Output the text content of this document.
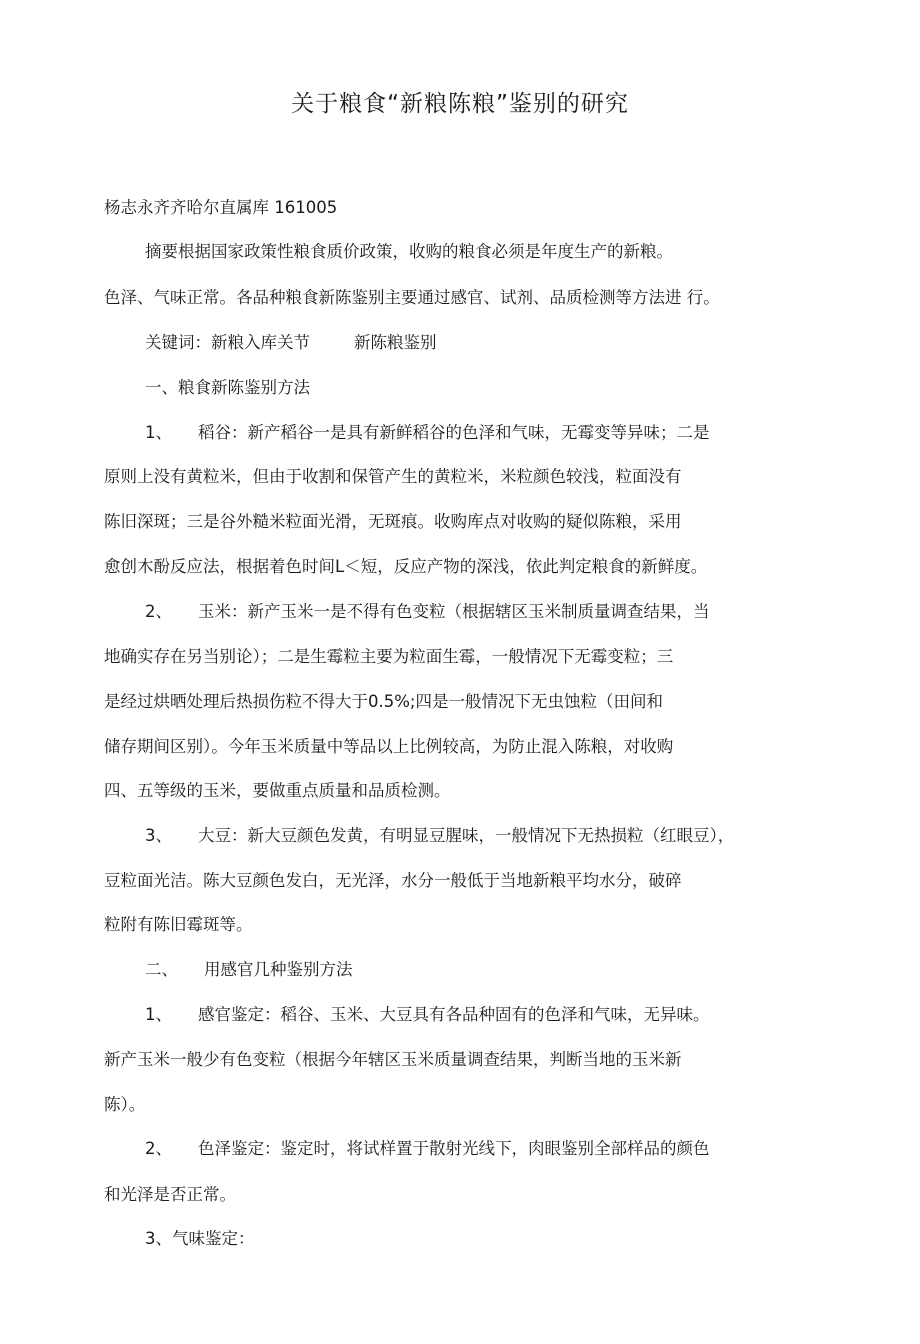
关于粮食“新粮陈粮”鉴别的研究
杨志永齐齐哈尔直属库 161005
摘要根据国家政策性粮食质价政策，收购的粮食必须是年度生产的新粮。
色泽、气味正常。各品种粮食新陈鉴别主要通过感官、试剂、品质检测等方法进 行。
关键词：新粮入库关节	新陈粮鉴别
一、粮食新陈鉴别方法
1、 稻谷：新产稻谷一是具有新鲜稻谷的色泽和气味，无霉变等异味；二是
原则上没有黄粒米，但由于收割和保管产生的黄粒米，米粒颜色较浅，粒面没有
陈旧深斑；三是谷外糙米粒面光滑，无斑痕。收购库点对收购的疑似陈粮，采用
愈创木酚反应法，根据着色时间L＜短，反应产物的深浅，依此判定粮食的新鲜度。
2、 玉米：新产玉米一是不得有色变粒（根据辖区玉米制质量调查结果，当
地确实存在另当别论）；二是生霉粒主要为粒面生霉，一般情况下无霉变粒；三
是经过烘晒处理后热损伤粒不得大于0.5%;四是一般情况下无虫蚀粒（田间和
储存期间区别）。今年玉米质量中等品以上比例较高，为防止混入陈粮，对收购
四、五等级的玉米，要做重点质量和品质检测。
3、 大豆：新大豆颜色发黄，有明显豆腥味，一般情况下无热损粒（红眼豆），
豆粒面光洁。陈大豆颜色发白，无光泽，水分一般低于当地新粮平均水分，破碎
粒附有陈旧霉斑等。
二、 用感官几种鉴别方法
1、 感官鉴定：稻谷、玉米、大豆具有各品种固有的色泽和气味，无异味。
新产玉米一般少有色变粒（根据今年辖区玉米质量调查结果，判断当地的玉米新
陈）。
2、 色泽鉴定：鉴定时，将试样置于散射光线下，肉眼鉴别全部样品的颜色
和光泽是否正常。
3、气味鉴定：
